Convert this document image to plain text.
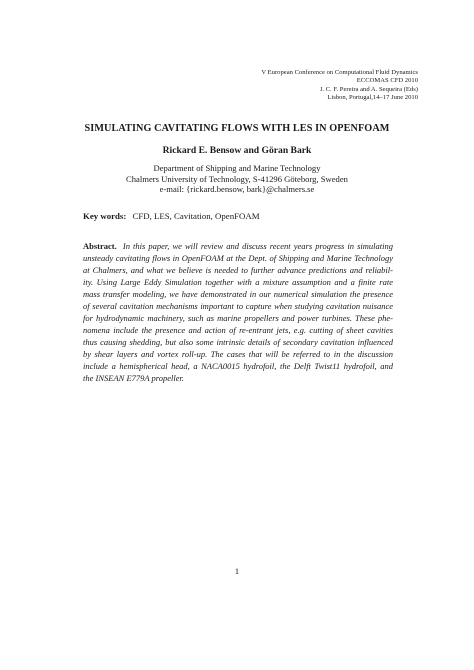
V European Conference on Computational Fluid Dynamics
ECCOMAS CFD 2010
J. C. F. Pereira and A. Sequeira (Eds)
Lisbon, Portugal,14–17 June 2010
SIMULATING CAVITATING FLOWS WITH LES IN OPENFOAM
Rickard E. Bensow and Göran Bark
Department of Shipping and Marine Technology
Chalmers University of Technology, S-41296 Göteborg, Sweden
e-mail: {rickard.bensow, bark}@chalmers.se
Key words: CFD, LES, Cavitation, OpenFOAM
Abstract. In this paper, we will review and discuss recent years progress in simulating
unsteady cavitating flows in OpenFOAM at the Dept. of Shipping and Marine Technology
at Chalmers, and what we believe is needed to further advance predictions and reliabil-
ity. Using Large Eddy Simulation together with a mixture assumption and a finite rate
mass transfer modeling, we have demonstrated in our numerical simulation the presence
of several cavitation mechanisms important to capture when studying cavitation nuisance
for hydrodynamic machinery, such as marine propellers and power turbines. These phe-
nomena include the presence and action of re-entrant jets, e.g. cutting of sheet cavities
thus causing shedding, but also some intrinsic details of secondary cavitation influenced
by shear layers and vortex roll-up. The cases that will be referred to in the discussion
include a hemispherical head, a NACA0015 hydrofoil, the Delft Twist11 hydrofoil, and
the INSEAN E779A propeller.
1
